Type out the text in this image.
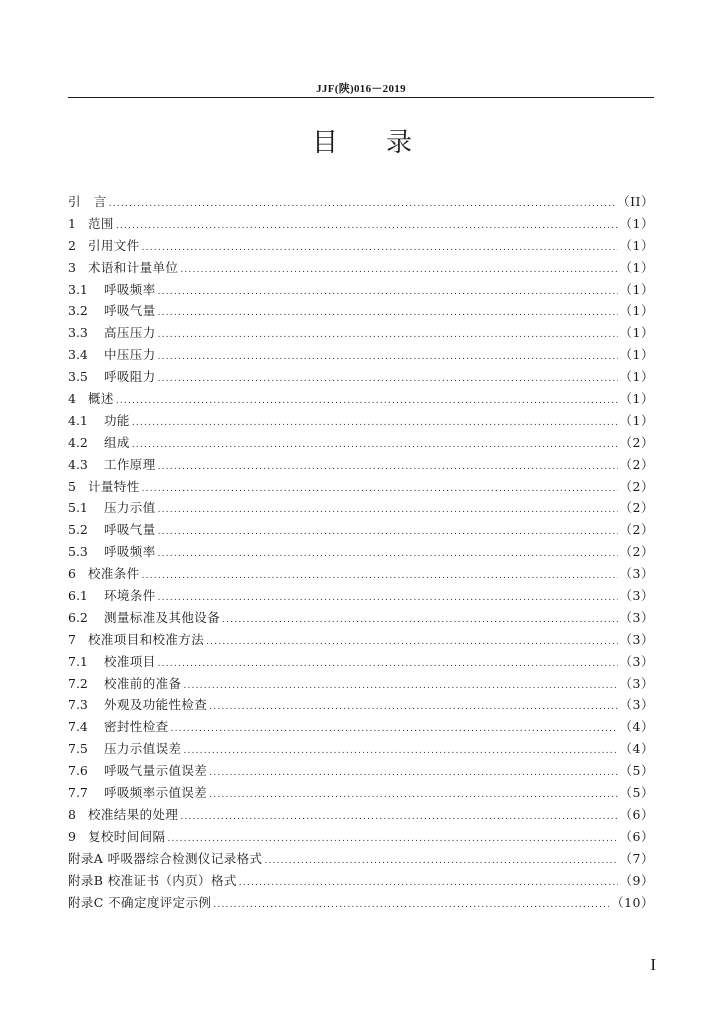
JJF(陕)016－2019
目录
引　言 .....	（II）
1 范围 .....	（1）
2 引用文件 .....	（1）
3 术语和计量单位 .....	（1）
3.1	呼吸频率 .....	（1）
3.2	呼吸气量 .....	（1）
3.3	高压压力 .....	（1）
3.4	中压压力 .....	（1）
3.5	呼吸阻力 .....	（1）
4 概述 .....	（1）
4.1	功能 .....	（1）
4.2	组成 .....	（2）
4.3	工作原理 .....	（2）
5 计量特性 .....	（2）
5.1	压力示值 .....	（2）
5.2	呼吸气量 .....	（2）
5.3	呼吸频率 .....	（2）
6 校准条件 .....	（3）
6.1	环境条件 .....	（3）
6.2	测量标准及其他设备 .....	（3）
7 校准项目和校准方法 .....	（3）
7.1	校准项目 .....	（3）
7.2	校准前的准备 .....	（3）
7.3	外观及功能性检查 .....	（3）
7.4	密封性检查 .....	（4）
7.5	压力示值误差 .....	（4）
7.6	呼吸气量示值误差 .....	（5）
7.7	呼吸频率示值误差 .....	（5）
8 校准结果的处理 .....	（6）
9 复校时间间隔 .....	（6）
附录A 呼吸器综合检测仪记录格式 .....	（7）
附录B 校准证书（内页）格式 .....	（9）
附录C 不确定度评定示例 .....	（10）
I
